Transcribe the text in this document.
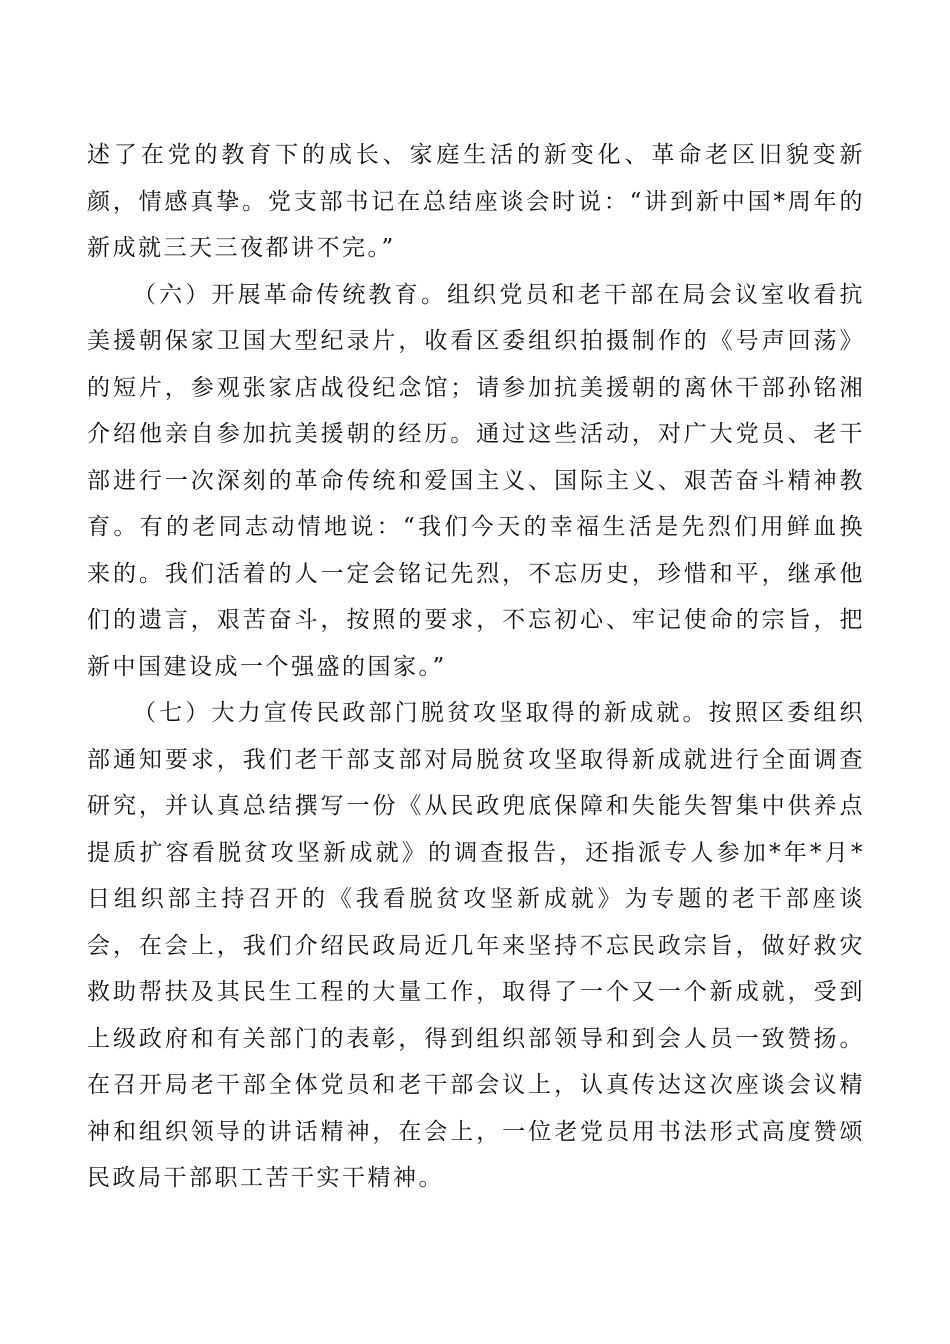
述了在党的教育下的成长、家庭生活的新变化、革命老区旧貌变新颜，情感真挚。党支部书记在总结座谈会时说：“讲到新中国*周年的新成就三天三夜都讲不完。”

（六）开展革命传统教育。组织党员和老干部在局会议室收看抗美援朝保家卫国大型纪录片，收看区委组织拍摄制作的《号声回荡》的短片，参观张家店战役纪念馆；请参加抗美援朝的离休干部孙铭湘介绍他亲自参加抗美援朝的经历。通过这些活动，对广大党员、老干部进行一次深刻的革命传统和爱国主义、国际主义、艰苦奋斗精神教育。有的老同志动情地说：“我们今天的幸福生活是先烈们用鲜血换来的。我们活着的人一定会铭记先烈，不忘历史，珍惜和平，继承他们的遗言，艰苦奋斗，按照的要求，不忘初心、牢记使命的宗旨，把新中国建设成一个强盛的国家。”

（七）大力宣传民政部门脱贫攻坚取得的新成就。按照区委组织部通知要求，我们老干部支部对局脱贫攻坚取得新成就进行全面调查研究，并认真总结撰写一份《从民政兜底保障和失能失智集中供养点提质扩容看脱贫攻坚新成就》的调查报告，还指派专人参加*年*月*日组织部主持召开的《我看脱贫攻坚新成就》为专题的老干部座谈会，在会上，我们介绍民政局近几年来坚持不忘民政宗旨，做好救灾救助帮扶及其民生工程的大量工作，取得了一个又一个新成就，受到上级政府和有关部门的表彰，得到组织部领导和到会人员一致赞扬。在召开局老干部全体党员和老干部会议上，认真传达这次座谈会议精神和组织领导的讲话精神，在会上，一位老党员用书法形式高度赞颂民政局干部职工苦干实干精神。
